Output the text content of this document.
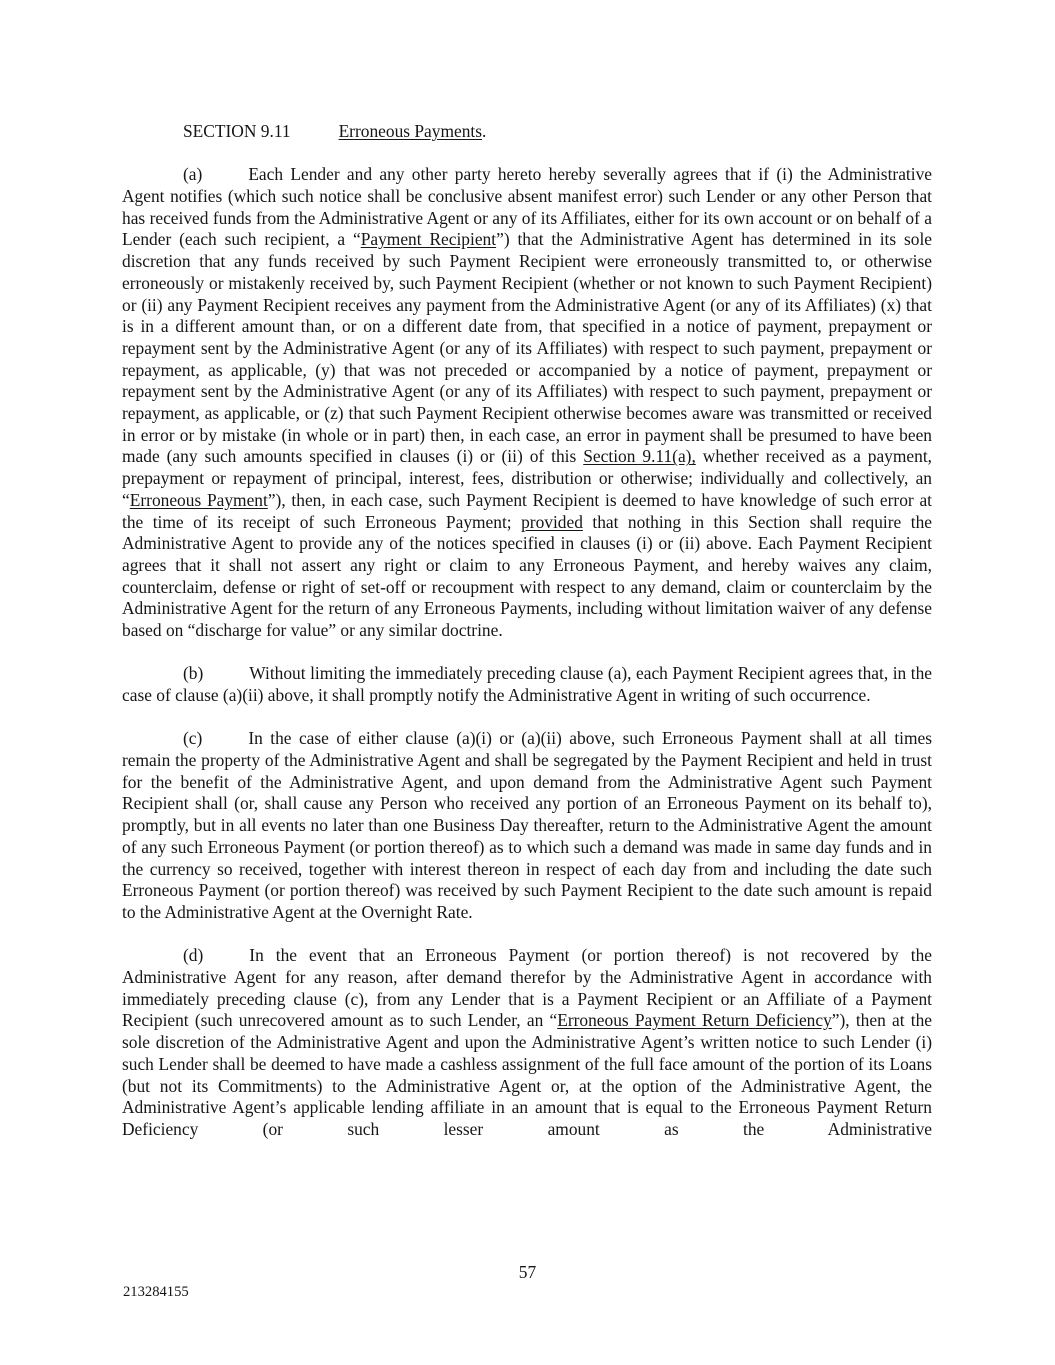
SECTION 9.11	Erroneous Payments.

(a)	Each Lender and any other party hereto hereby severally agrees that if (i) the Administrative Agent notifies (which such notice shall be conclusive absent manifest error) such Lender or any other Person that has received funds from the Administrative Agent or any of its Affiliates, either for its own account or on behalf of a Lender (each such recipient, a “Payment Recipient”) that the Administrative Agent has determined in its sole discretion that any funds received by such Payment Recipient were erroneously transmitted to, or otherwise erroneously or mistakenly received by, such Payment Recipient (whether or not known to such Payment Recipient) or (ii) any Payment Recipient receives any payment from the Administrative Agent (or any of its Affiliates) (x) that is in a different amount than, or on a different date from, that specified in a notice of payment, prepayment or repayment sent by the Administrative Agent (or any of its Affiliates) with respect to such payment, prepayment or repayment, as applicable, (y) that was not preceded or accompanied by a notice of payment, prepayment or repayment sent by the Administrative Agent (or any of its Affiliates) with respect to such payment, prepayment or repayment, as applicable, or (z) that such Payment Recipient otherwise becomes aware was transmitted or received in error or by mistake (in whole or in part) then, in each case, an error in payment shall be presumed to have been made (any such amounts specified in clauses (i) or (ii) of this Section 9.11(a), whether received as a payment, prepayment or repayment of principal, interest, fees, distribution or otherwise; individually and collectively, an “Erroneous Payment”), then, in each case, such Payment Recipient is deemed to have knowledge of such error at the time of its receipt of such Erroneous Payment; provided that nothing in this Section shall require the Administrative Agent to provide any of the notices specified in clauses (i) or (ii) above. Each Payment Recipient agrees that it shall not assert any right or claim to any Erroneous Payment, and hereby waives any claim, counterclaim, defense or right of set-off or recoupment with respect to any demand, claim or counterclaim by the Administrative Agent for the return of any Erroneous Payments, including without limitation waiver of any defense based on “discharge for value” or any similar doctrine.

(b)	Without limiting the immediately preceding clause (a), each Payment Recipient agrees that, in the case of clause (a)(ii) above, it shall promptly notify the Administrative Agent in writing of such occurrence.

(c)	In the case of either clause (a)(i) or (a)(ii) above, such Erroneous Payment shall at all times remain the property of the Administrative Agent and shall be segregated by the Payment Recipient and held in trust for the benefit of the Administrative Agent, and upon demand from the Administrative Agent such Payment Recipient shall (or, shall cause any Person who received any portion of an Erroneous Payment on its behalf to), promptly, but in all events no later than one Business Day thereafter, return to the Administrative Agent the amount of any such Erroneous Payment (or portion thereof) as to which such a demand was made in same day funds and in the currency so received, together with interest thereon in respect of each day from and including the date such Erroneous Payment (or portion thereof) was received by such Payment Recipient to the date such amount is repaid to the Administrative Agent at the Overnight Rate.

(d)	In the event that an Erroneous Payment (or portion thereof) is not recovered by the Administrative Agent for any reason, after demand therefor by the Administrative Agent in accordance with immediately preceding clause (c), from any Lender that is a Payment Recipient or an Affiliate of a Payment Recipient (such unrecovered amount as to such Lender, an “Erroneous Payment Return Deficiency”), then at the sole discretion of the Administrative Agent and upon the Administrative Agent’s written notice to such Lender (i) such Lender shall be deemed to have made a cashless assignment of the full face amount of the portion of its Loans (but not its Commitments) to the Administrative Agent or, at the option of the Administrative Agent, the Administrative Agent’s applicable lending affiliate in an amount that is equal to the Erroneous Payment Return Deficiency (or such lesser amount as the Administrative

57
213284155
